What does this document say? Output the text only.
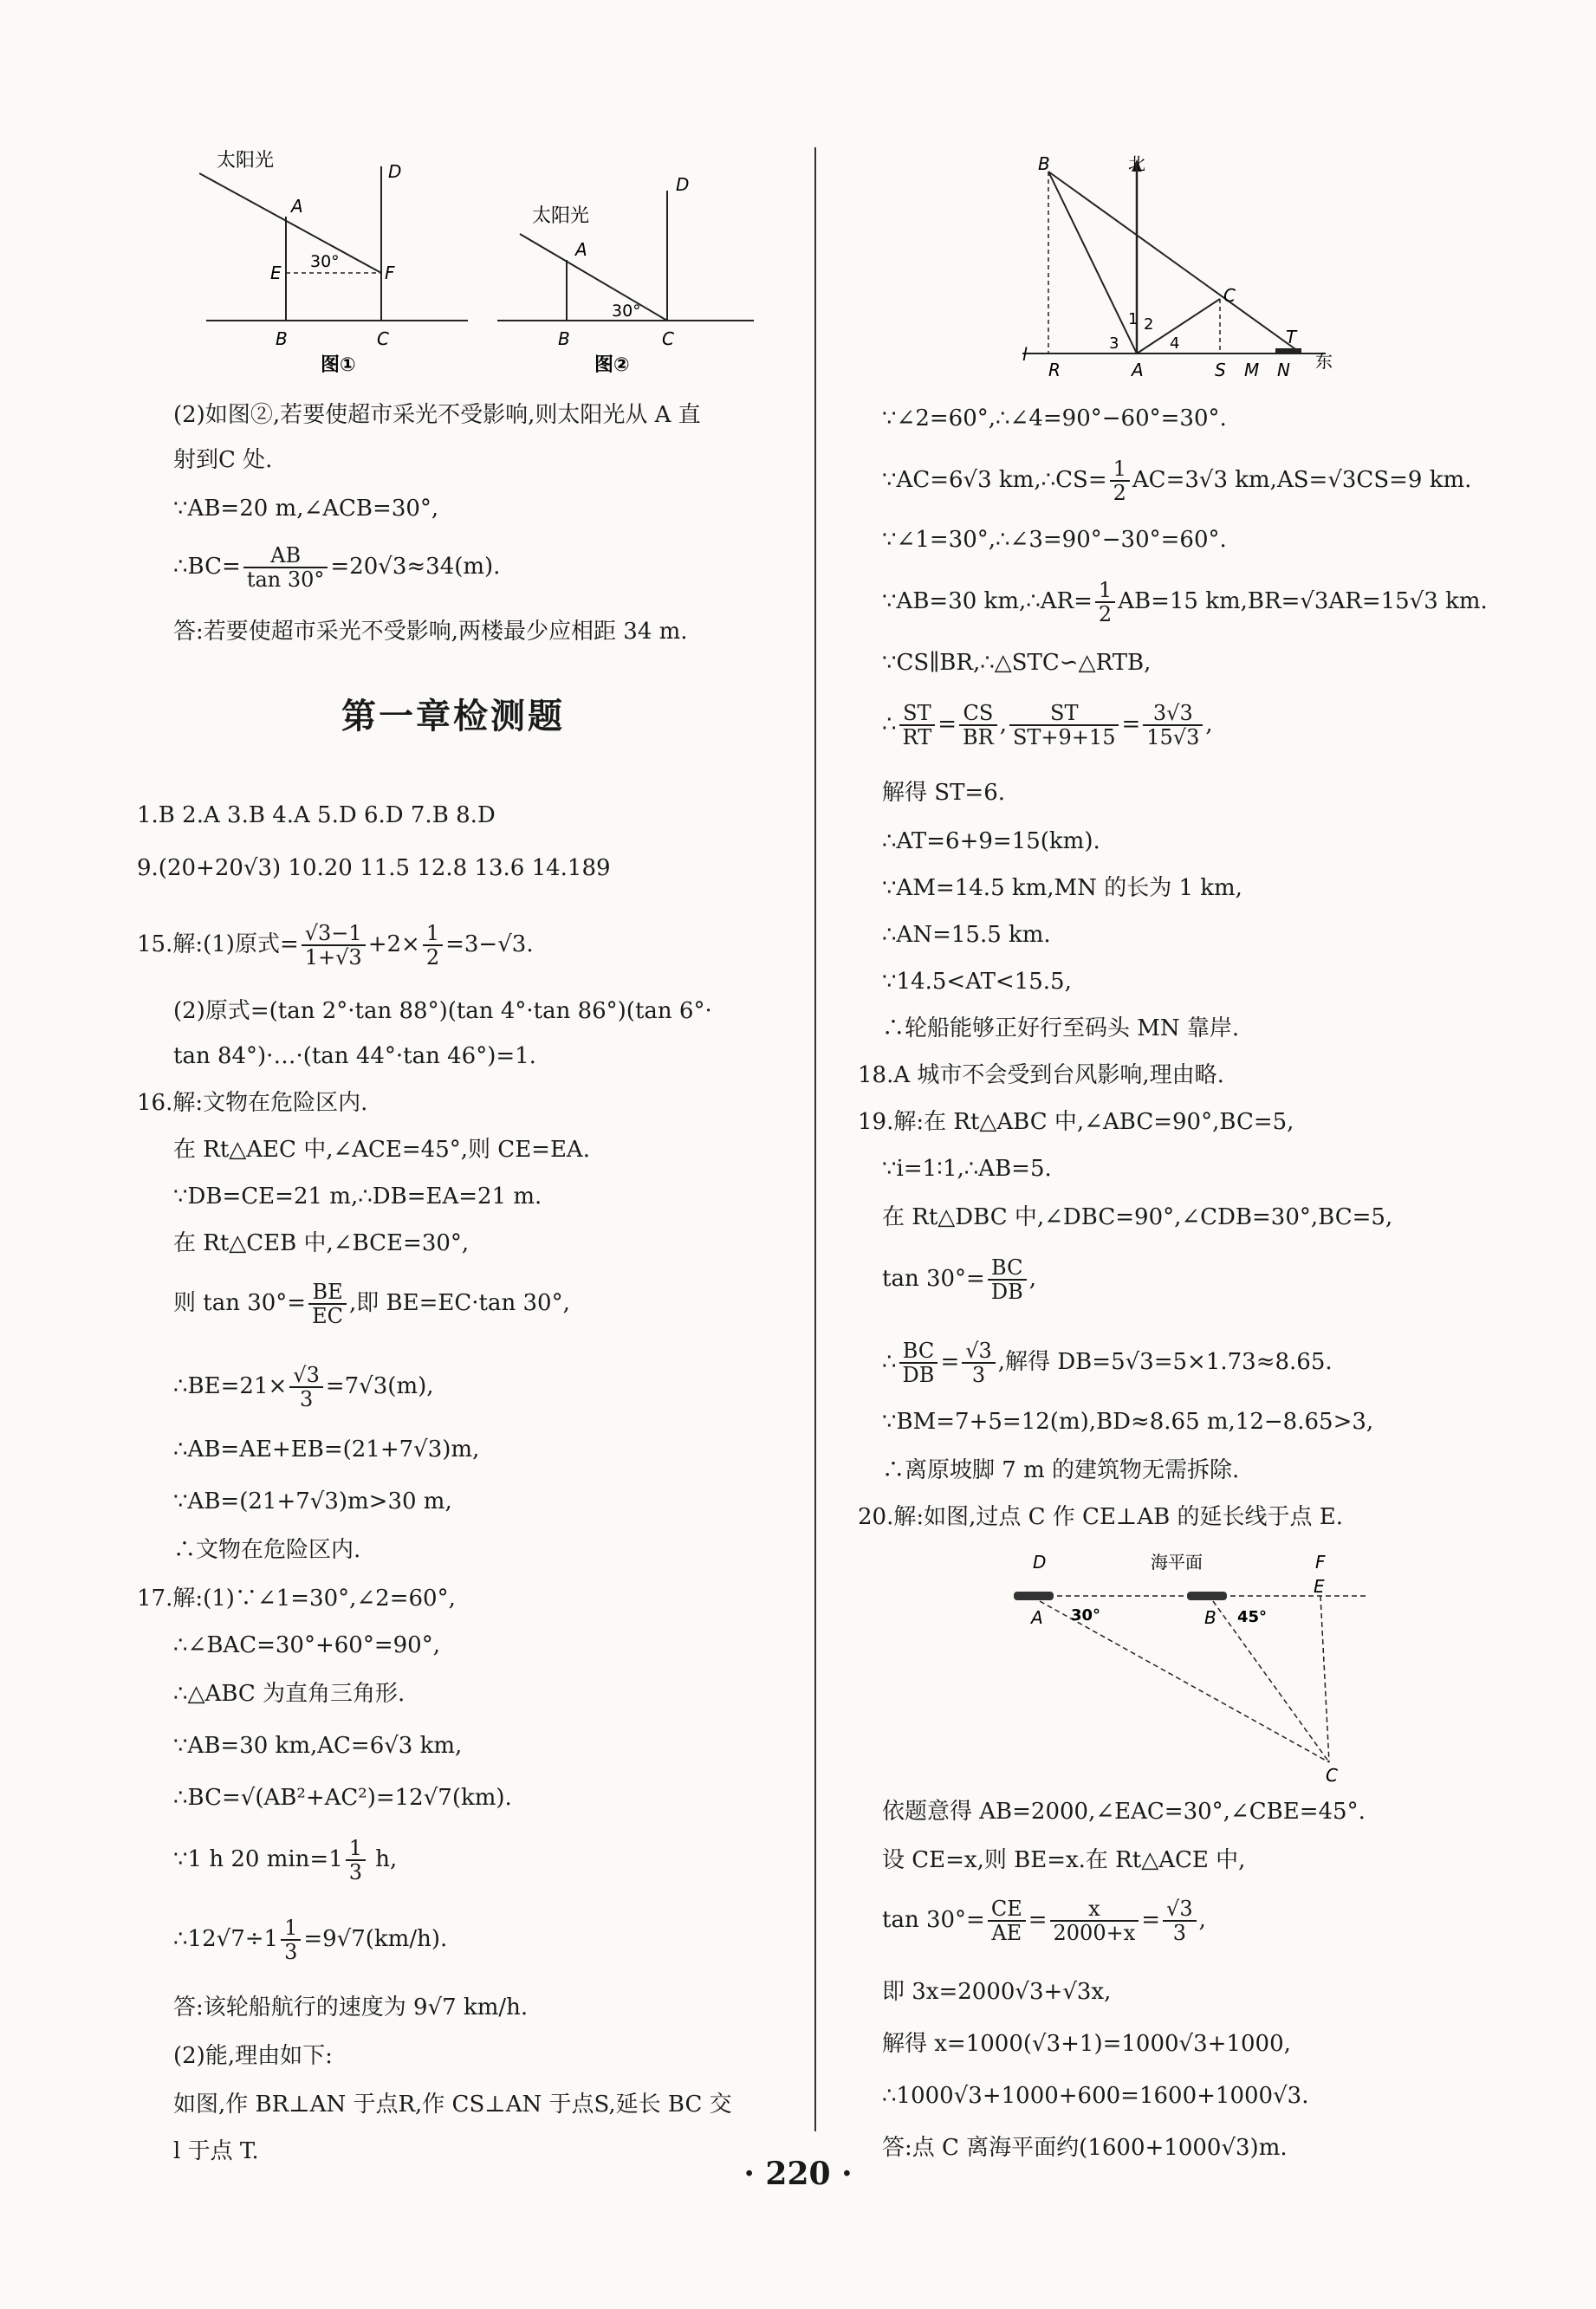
太阳光
A
E	F
D
B	C
30°
图①
太阳光
A
D
B	C
30°
图②
(2)如图②,若要使超市采光不受影响,则太阳光从 A 直
射到C 处.
∵AB=20 m,∠ACB=30°,
∴BC= $\frac{AB}{\tan 30^\circ} =20√3\approx 34(m)$.
答:若要使超市采光不受影响,两楼最少应相距 34 m.
第一章检测题
1.B 2.A 3.B 4.A 5.D 6.D 7.B 8.D
9.(20+20√3) 10.20 11.5 12.8 13.6 14.189
15.解:(1)原式= $\frac{√3-1}{1+√3} +2\times \frac{1}{2} =3-√3$.
(2)原式=(tan 2°·tan 88°)(tan 4°·tan 86°)(tan 6°·
tan 84°)·…·(tan 44°·tan 46°)=1.
16.解:文物在危险区内.
在 Rt△AEC 中,∠ACE=45°,则 CE=EA.
∵DB=CE=21 m,∴DB=EA=21 m.
在 Rt△CEB 中,∠BCE=30°,
则 $\tan 30^\circ= \frac{BE}{EC}$ ,即 BE=EC·tan 30°,
∴BE=21× $\frac{√3}{3} =7√3(m)$,
∴AB=AE+EB=(21+7√3)m,
∵AB=(21+7√3)m>30 m,
∴文物在危险区内.
17.解:(1)∵∠1=30°,∠2=60°,
∴∠BAC=30°+60°=90°,
∴△ABC 为直角三角形.
∵AB=30 km,AC=6√3 km,
∴BC=√(AB²+AC²)=12√7(km).
∵1 h 20 $\min=1 \frac{1}{3} h$,
∴12√7÷1 $\frac{1}{3} =9√7(km/h)$.
答:该轮船航行的速度为 9√7 km/h.
(2)能,理由如下:
如图,作 BR⊥AN 于点R,作 CS⊥AN 于点S,延长 BC 交
l 于点 T.
B	北
C
T
l
R	A	S M N 东
1 2
3	4
∵∠2=60°,∴∠4=90°−60°=30°.
∵AC=6√3 km,∴CS= $\frac{1}{2} AC=3√3$ km,AS=√3CS=9 km.
∵∠1=30°,∴∠3=90°−30°=60°.
∵AB=30 km,∴AR= $\frac{1}{2} AB=15$ km,BR=√3AR=15√3 km.
∵CS∥BR,∴△STC∽△RTB,
∴ $\frac{ST}{RT} = \frac{CS}{BR}$ , $\frac{ST}{ST+9+15} = \frac{3√3}{15√3}$ ,
解得 ST=6.
∴AT=6+9=15(km).
∵AM=14.5 km,MN 的长为 1 km,
∴AN=15.5 km.
∵14.5<AT<15.5,
∴轮船能够正好行至码头 MN 靠岸.
18.A 城市不会受到台风影响,理由略.
19.解:在 Rt△ABC 中,∠ABC=90°,BC=5,
∵i=1∶1,∴AB=5.
在 Rt△DBC 中,∠DBC=90°,∠CDB=30°,BC=5,
$\tan 30^\circ= \frac{BC}{DB}$ ,
∴ $\frac{BC}{DB} = \frac{√3}{3}$ ,解得 DB=5√3=5×1.73≈8.65.
∵BM=7+5=12(m),BD≈8.65 m,12−8.65>3,
∴离原坡脚 7 m 的建筑物无需拆除.
20.解:如图,过点 C 作 CE⊥AB 的延长线于点 E.
D	海平面	F
E
A	B
C
30°	45°
依题意得 AB=2000,∠EAC=30°,∠CBE=45°.
设 CE=x,则 BE=x.在 Rt△ACE 中,
$\tan 30^\circ= \frac{CE}{AE} = \frac{x}{2000+x} = \frac{√3}{3}$ ,
即 3x=2000√3+√3x,
解得 x=1000(√3+1)=1000√3+1000,
∴1000√3+1000+600=1600+1000√3.
答:点 C 离海平面约(1600+1000√3)m.
· 220 ·
